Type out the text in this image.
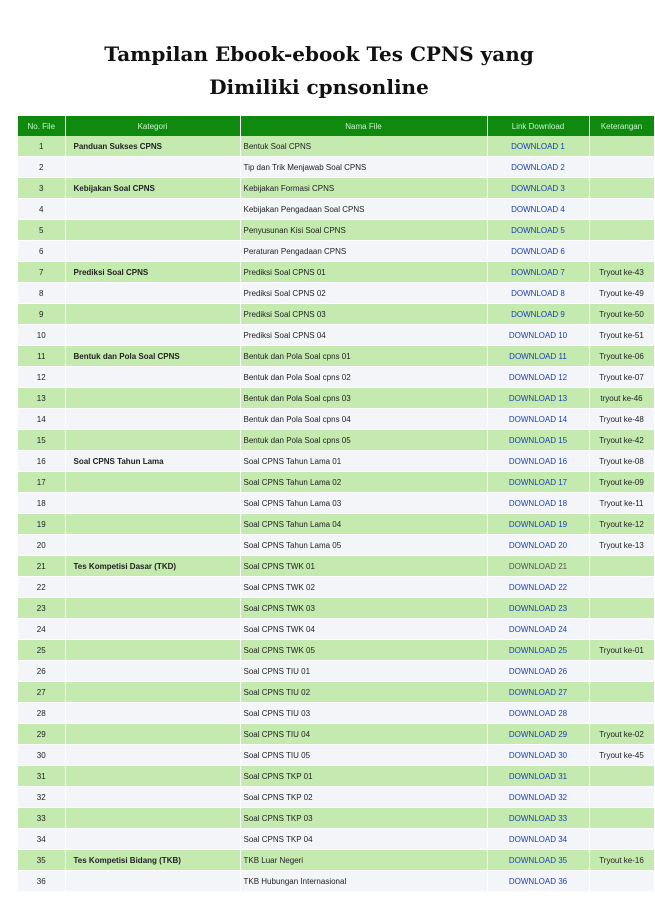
Tampilan Ebook-ebook Tes CPNS yang
Dimiliki cpnsonline
No. File	Kategori	Nama File	Link Download	Keterangan
1	Panduan Sukses CPNS	Bentuk Soal CPNS	DOWNLOAD 1	
2		Tip dan Trik Menjawab Soal CPNS	DOWNLOAD 2	
3	Kebijakan Soal CPNS	Kebijakan Formasi CPNS	DOWNLOAD 3	
4		Kebijakan Pengadaan Soal CPNS	DOWNLOAD 4	
5		Penyusunan Kisi Soal CPNS	DOWNLOAD 5	
6		Peraturan Pengadaan CPNS	DOWNLOAD 6	
7	Prediksi Soal CPNS	Prediksi Soal CPNS 01	DOWNLOAD 7	Tryout ke-43
8		Prediksi Soal CPNS 02	DOWNLOAD 8	Tryout ke-49
9		Prediksi Soal CPNS 03	DOWNLOAD 9	Tryout ke-50
10		Prediksi Soal CPNS 04	DOWNLOAD 10	Tryout ke-51
11	Bentuk dan Pola Soal CPNS	Bentuk dan Pola Soal cpns 01	DOWNLOAD 11	Tryout ke-06
12		Bentuk dan Pola Soal cpns 02	DOWNLOAD 12	Tryout ke-07
13		Bentuk dan Pola Soal cpns 03	DOWNLOAD 13	tryout ke-46
14		Bentuk dan Pola Soal cpns 04	DOWNLOAD 14	Tryout ke-48
15		Bentuk dan Pola Soal cpns 05	DOWNLOAD 15	Tryout ke-42
16	Soal CPNS Tahun Lama	Soal CPNS Tahun Lama 01	DOWNLOAD 16	Tryout ke-08
17		Soal CPNS Tahun Lama 02	DOWNLOAD 17	Tryout ke-09
18		Soal CPNS Tahun Lama 03	DOWNLOAD 18	Tryout ke-11
19		Soal CPNS Tahun Lama 04	DOWNLOAD 19	Tryout ke-12
20		Soal CPNS Tahun Lama 05	DOWNLOAD 20	Tryout ke-13
21	Tes Kompetisi Dasar (TKD)	Soal CPNS TWK 01	DOWNLOAD 21	
22		Soal CPNS TWK 02	DOWNLOAD 22	
23		Soal CPNS TWK 03	DOWNLOAD 23	
24		Soal CPNS TWK 04	DOWNLOAD 24	
25		Soal CPNS TWK 05	DOWNLOAD 25	Tryout ke-01
26		Soal CPNS TIU 01	DOWNLOAD 26	
27		Soal CPNS TIU 02	DOWNLOAD 27	
28		Soal CPNS TIU 03	DOWNLOAD 28	
29		Soal CPNS TIU 04	DOWNLOAD 29	Tryout ke-02
30		Soal CPNS TIU 05	DOWNLOAD 30	Tryout ke-45
31		Soal CPNS TKP 01	DOWNLOAD 31	
32		Soal CPNS TKP 02	DOWNLOAD 32	
33		Soal CPNS TKP 03	DOWNLOAD 33	
34		Soal CPNS TKP 04	DOWNLOAD 34	
35	Tes Kompetisi Bidang (TKB)	TKB Luar Negeri	DOWNLOAD 35	Tryout ke-16
36		TKB Hubungan Internasional	DOWNLOAD 36	
